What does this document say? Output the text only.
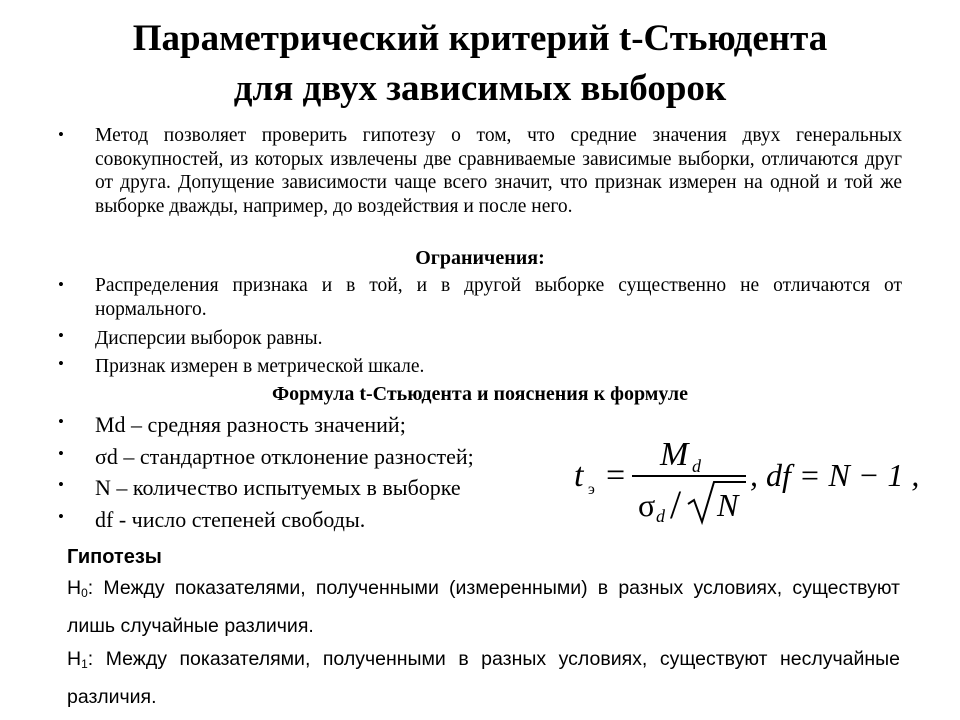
Параметрический критерий t-Стьюдента
для двух зависимых выборок
• Метод позволяет проверить гипотезу о том, что средние значения двух генеральных совокупностей, из которых извлечены две сравниваемые зависимые выборки, отличаются друг от друга. Допущение зависимости чаще всего значит, что признак измерен на одной и той же выборке дважды, например, до воздействия и после него.
Ограничения:
• Распределения признака и в той, и в другой выборке существенно не отличаются от нормального.
• Дисперсии выборок равны.
• Признак измерен в метрической шкале.
Формула t-Стьюдента и пояснения к формуле
• Md – средняя разность значений;
• σd – стандартное отклонение разностей;
• N – количество испытуемых в выборке
• df - число степеней свободы.
t э =
M d
σ d / N
, df = N − 1 ,
Гипотезы
$H_0$: Между показателями, полученными (измеренными) в разных условиях, существуют лишь случайные различия.
$H_1$: Между показателями, полученными в разных условиях, существуют неслучайные различия.
